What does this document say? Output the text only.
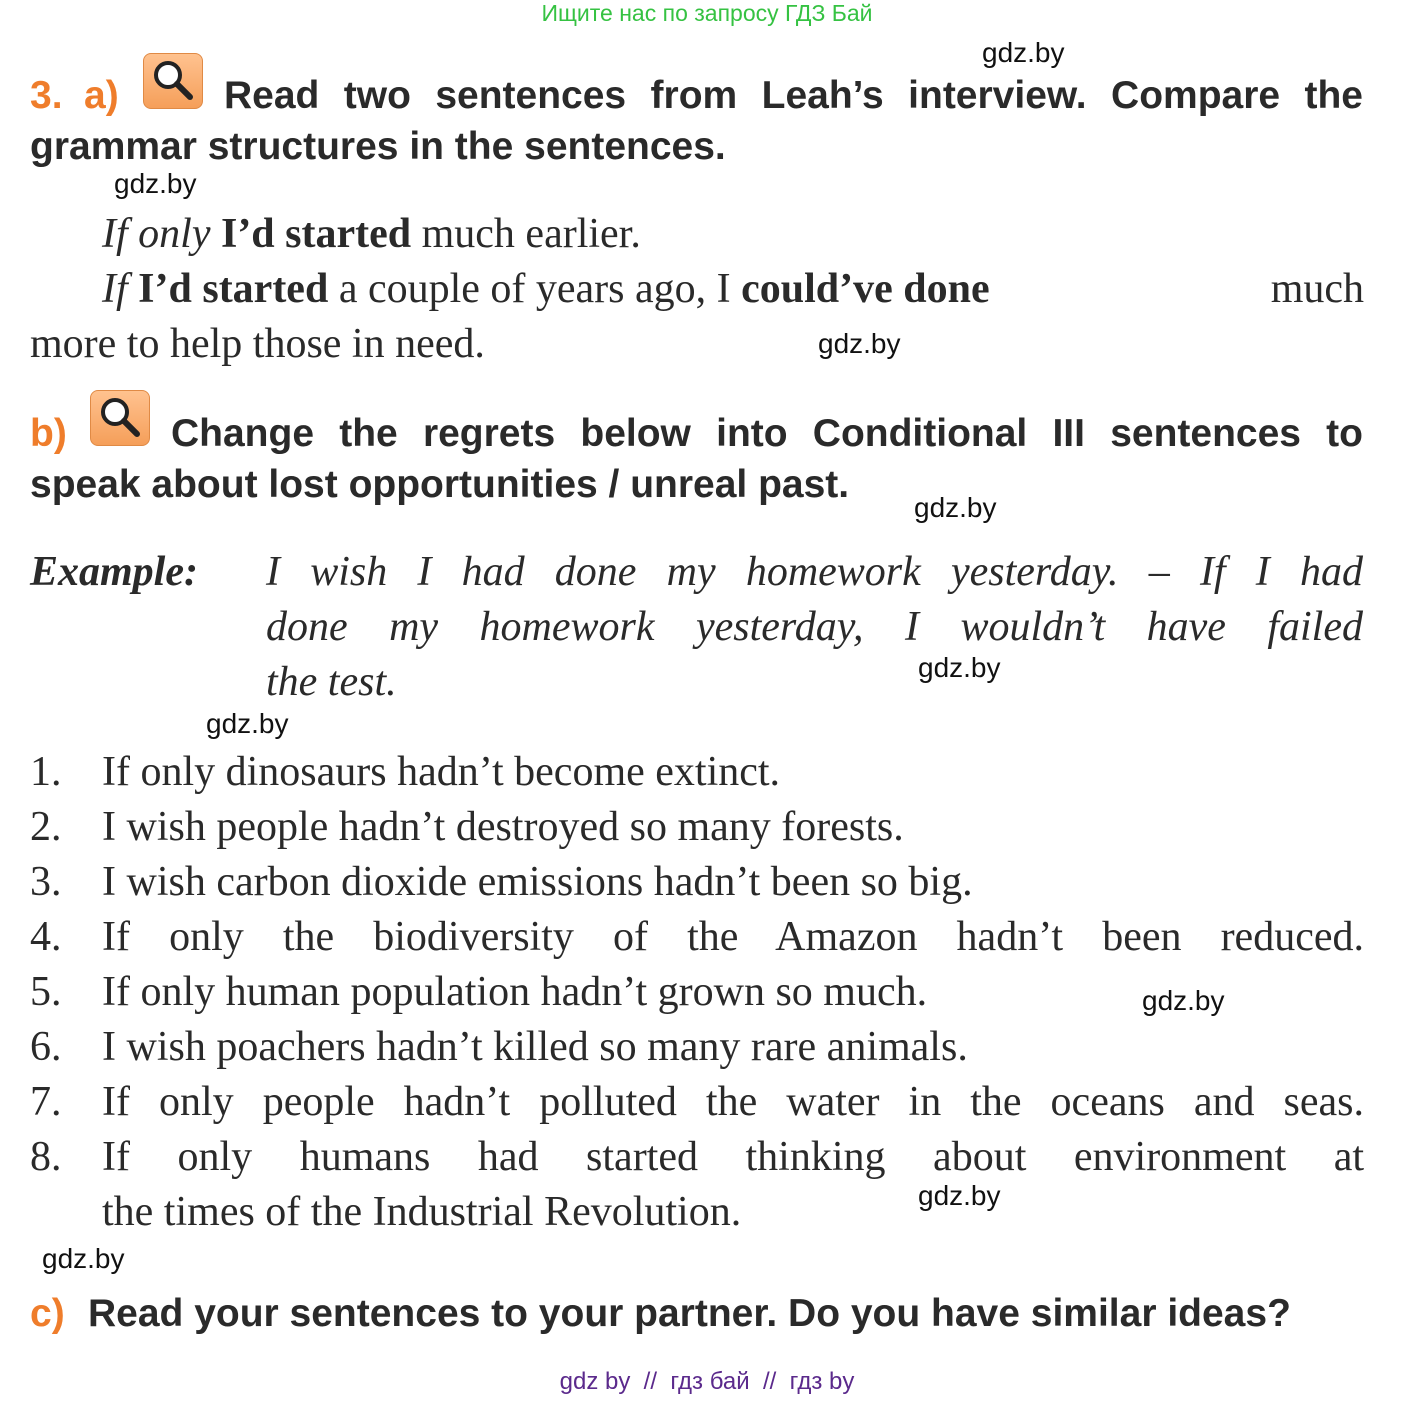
Ищите нас по запросу ГДЗ Бай
gdz.by
gdz.by
gdz.by
gdz.by
gdz.by
gdz.by
gdz.by
gdz.by
gdz.by
3. a)	Read two sentences from Leah’s interview. Compare the
grammar structures in the sentences.
If only I’d started much earlier.
If I’d started a couple of years ago, I could’ve done	much
more to help those in need.
b)	Change the regrets below into Conditional III sentences to
speak about lost opportunities / unreal past.
Example: I wish I had done my homework yesterday. – If I had
done my homework yesterday, I wouldn’t have failed
the test.
1. If only dinosaurs hadn’t become extinct.
2. I wish people hadn’t destroyed so many forests.
3. I wish carbon dioxide emissions hadn’t been so big.
4. If only the biodiversity of the Amazon hadn’t been reduced.
5. If only human population hadn’t grown so much.
6. I wish poachers hadn’t killed so many rare animals.
7. If only people hadn’t polluted the water in the oceans and seas.
8. If only humans had started thinking about environment at
the times of the Industrial Revolution.
c) Read your sentences to your partner. Do you have similar ideas?
gdz by  //  гдз бай  //  гдз by
